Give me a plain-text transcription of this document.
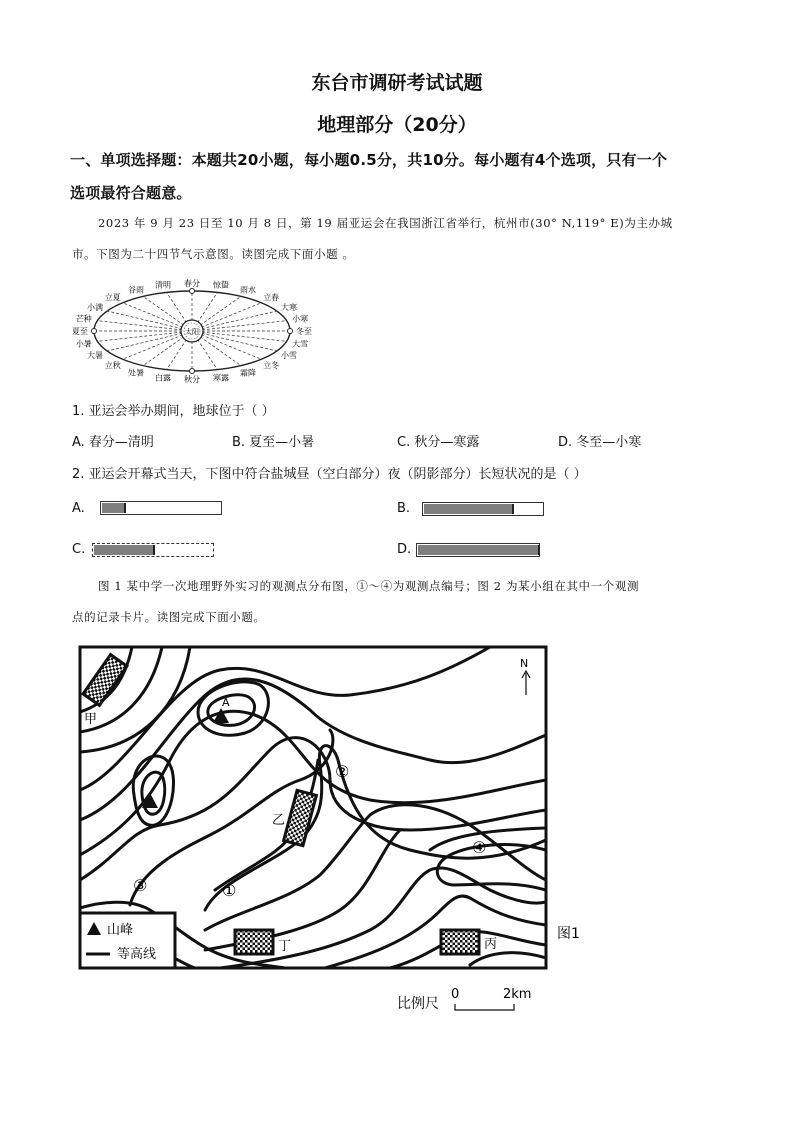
东台市调研考试试题
地理部分（20分）
一、单项选择题：本题共20小题，每小题0.5分，共10分。每小题有4个选项，只有一个
选项最符合题意。
2023 年 9 月 23 日至 10 月 8 日，第 19 届亚运会在我国浙江省举行，杭州市(30° N,119° E)为主办城
市。下图为二十四节气示意图。读图完成下面小题 。
太阳
春分
清明
谷雨
立夏
小满
芒种
夏至
小暑
大暑
立秋
处暑
白露 秋分 寒露
霜降
立冬
小雪
大雪
冬至
小寒
大寒
立春
雨水
惊蛰
1. 亚运会举办期间，地球位于（ ）
A. 春分—清明	B. 夏至—小暑	C. 秋分—寒露	D. 冬至—小寒
2. 亚运会开幕式当天，下图中符合盐城昼（空白部分）夜（阴影部分）长短状况的是（ ）
A.	B.
C.	D.
图 1 某中学一次地理野外实习的观测点分布图，①～④为观测点编号；图 2 为某小组在其中一个观测
点的记录卡片。读图完成下面小题。
A
N
甲
乙
丁	丙
①
②
③
④
山峰
等高线
图1
比例尺
0	2km
